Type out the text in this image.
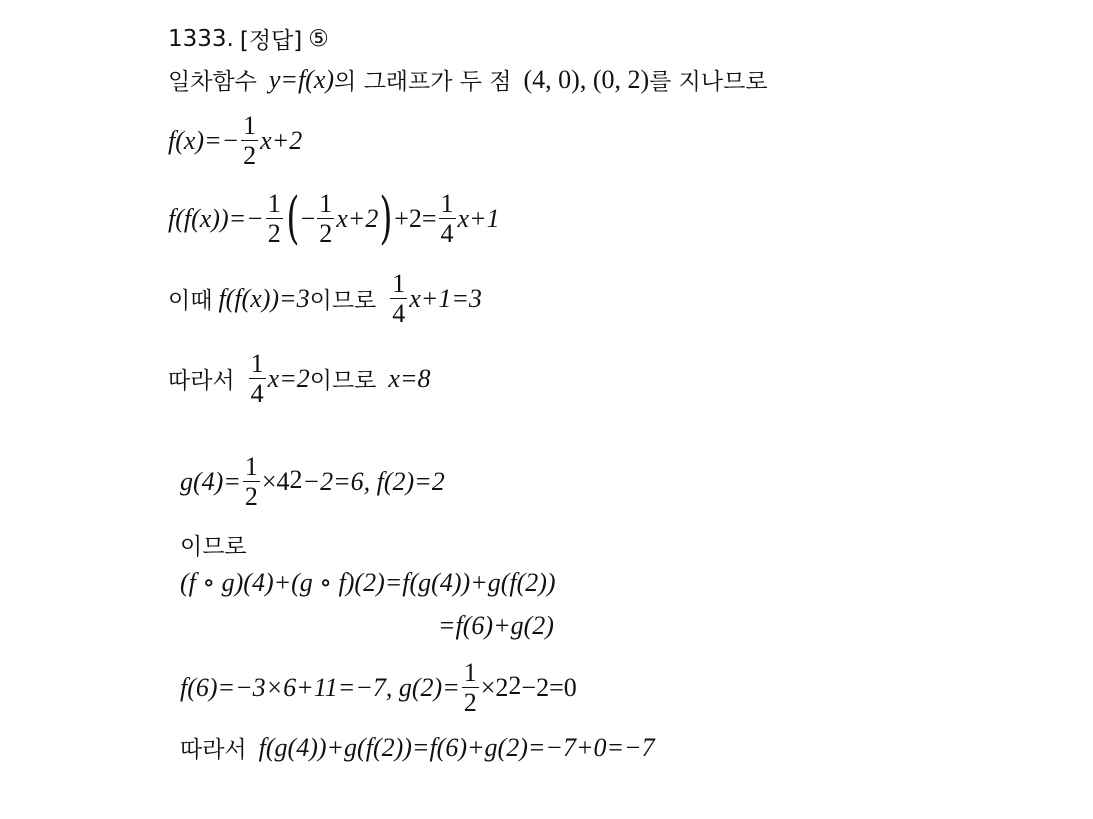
1333. [정답] ⑤
일차함수 y=f(x) 의 그래프가 두 점 (4, 0), (0, 2) 를 지나므로
$f(x)=- \frac{1}{2} x+2$
$f(f(x))=- \frac{1}{2}$ ( − $\frac{1}{2} x+2$ ) $+2= \frac{1}{4} x+1$
이때 f(f(x))=3 이므로 $\frac{1}{4} x+1=3$
따라서 $\frac{1}{4} x=2$ 이므로 x=8
$g(4)= \frac{1}{2} \times 4^2 -2=6$, f(2)=2
이므로
(f ∘ g)(4)+(g ∘ f)(2)=f(g(4))+g(f(2))
=f(6)+g(2)
f(6)=−3×6+11=−7, $g(2)= \frac{1}{2} \times 2^2 -2=0$
따라서 f(g(4))+g(f(2))=f(6)+g(2)=−7+0=−7
